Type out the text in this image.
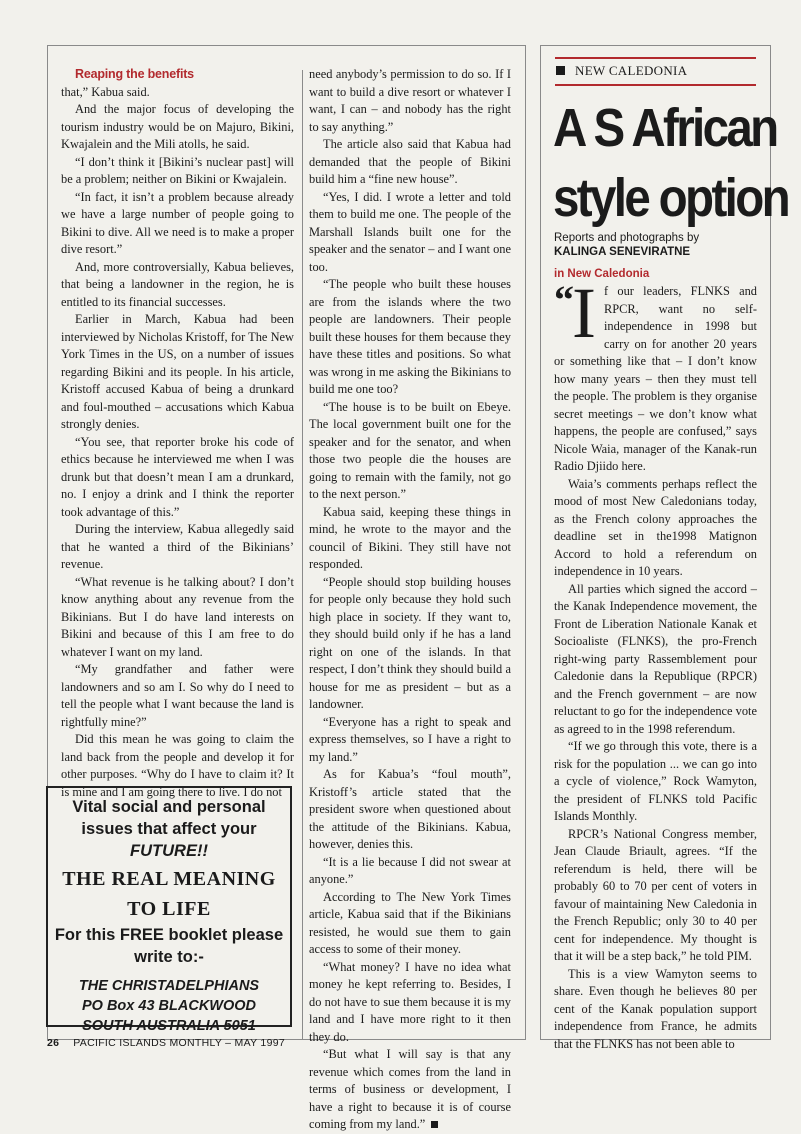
Reaping the benefits

that,” Kabua said.

And the major focus of developing the tourism industry would be on Majuro, Bikini, Kwajalein and the Mili atolls, he said.

“I don’t think it [Bikini’s nuclear past] will be a problem; neither on Bikini or Kwajalein.

“In fact, it isn’t a problem because already we have a large number of people going to Bikini to dive. All we need is to make a proper dive resort.”

And, more controversially, Kabua believes, that being a landowner in the region, he is entitled to its financial successes.

Earlier in March, Kabua had been interviewed by Nicholas Kristoff, for The New York Times in the US, on a number of issues regarding Bikini and its people. In his article, Kristoff accused Kabua of being a drunkard and foul-mouthed – accusations which Kabua strongly denies.

“You see, that reporter broke his code of ethics because he interviewed me when I was drunk but that doesn’t mean I am a drunkard, no. I enjoy a drink and I think the reporter took advantage of this.”

During the interview, Kabua allegedly said that he wanted a third of the Bikinians’ revenue.

“What revenue is he talking about? I don’t know anything about any revenue from the Bikinians. But I do have land interests on Bikini and because of this I am free to do whatever I want on my land.

“My grandfather and father were landowners and so am I. So why do I need to tell the people what I want because the land is rightfully mine?”

Did this mean he was going to claim the land back from the people and develop it for other purposes. “Why do I have to claim it? It is mine and I am going there to live. I do not

need anybody’s permission to do so. If I want to build a dive resort or whatever I want, I can – and nobody has the right to say anything.”

The article also said that Kabua had demanded that the people of Bikini build him a “fine new house”.

“Yes, I did. I wrote a letter and told them to build me one. The people of the Marshall Islands built one for the speaker and the senator – and I want one too.

“The people who built these houses are from the islands where the two people are landowners. Their people built these houses for them because they have these titles and positions. So what was wrong in me asking the Bikinians to build me one too?

“The house is to be built on Ebeye. The local government built one for the speaker and for the senator, and when those two people die the houses are going to remain with the family, not go to the next person.”

Kabua said, keeping these things in mind, he wrote to the mayor and the council of Bikini. They still have not responded.

“People should stop building houses for people only because they hold such high place in society. If they want to, they should build only if he has a land right on one of the islands. In that respect, I don’t think they should build a house for me as president – but as a landowner.

“Everyone has a right to speak and express themselves, so I have a right to my land.”

As for Kabua’s “foul mouth”, Kristoff’s article stated that the president swore when questioned about the attitude of the Bikinians. Kabua, however, denies this.

“It is a lie because I did not swear at anyone.”

According to The New York Times article, Kabua said that if the Bikinians resisted, he would sue them to gain access to some of their money.

“What money? I have no idea what money he kept referring to. Besides, I do not have to sue them because it is my land and I have more right to it then they do.

“But what I will say is that any revenue which comes from the land in terms of business or development, I have a right to because it is of course coming from my land.”

NEW CALEDONIA
A S African
style option
Reports and photographs by
KALINGA SENEVIRATNE
in New Caledonia

“ I f our leaders, FLNKS and RPCR, want no self-independence in 1998 but carry on for another 20 years or something like that – I don’t know how many years – then they must tell the people. The problem is they organise secret meetings – we don’t know what happens, the people are confused,” says Nicole Waia, manager of the Kanak-run Radio Djiido here.

Waia’s comments perhaps reflect the mood of most New Caledonians today, as the French colony approaches the deadline set in the1998 Matignon Accord to hold a referendum on independence in 10 years.

All parties which signed the accord – the Kanak Independence movement, the Front de Liberation Nationale Kanak et Socioaliste (FLNKS), the pro-French right-wing party Rassemblement pour Caledonie dans la Republique (RPCR) and the French government – are now reluctant to go for the independence vote as agreed to in the 1998 referendum.

“If we go through this vote, there is a risk for the population ... we can go into a cycle of violence,” Rock Wamyton, the president of FLNKS told Pacific Islands Monthly.

RPCR’s National Congress member, Jean Claude Briault, agrees. “If the referendum is held, there will be probably 60 to 70 per cent of voters in favour of maintaining New Caledonia in the French Republic; only 30 to 40 per cent for independence. My thought is that it will be a step back,” he told PIM.

This is a view Wamyton seems to share. Even though he believes 80 per cent of the Kanak population support independence from France, he admits that the FLNKS has not been able to

Vital social and personal issues that affect your
FUTURE!!
THE REAL MEANING TO LIFE
For this FREE booklet please write to:-
THE CHRISTADELPHIANS
PO Box 43 BLACKWOOD
SOUTH AUSTRALIA 5051
26 PACIFIC ISLANDS MONTHLY – MAY 1997
